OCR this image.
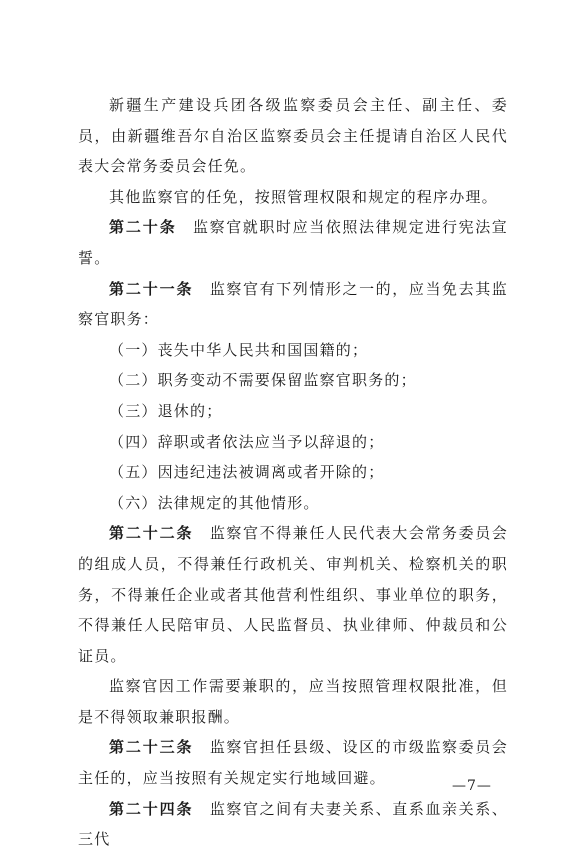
新疆生产建设兵团各级监察委员会主任、副主任、委员，由新疆维吾尔自治区监察委员会主任提请自治区人民代表大会常务委员会任免。

其他监察官的任免，按照管理权限和规定的程序办理。

第二十条 监察官就职时应当依照法律规定进行宪法宣誓。

第二十一条 监察官有下列情形之一的，应当免去其监察官职务：

（一）丧失中华人民共和国国籍的；

（二）职务变动不需要保留监察官职务的；

（三）退休的；

（四）辞职或者依法应当予以辞退的；

（五）因违纪违法被调离或者开除的；

（六）法律规定的其他情形。

第二十二条 监察官不得兼任人民代表大会常务委员会的组成人员，不得兼任行政机关、审判机关、检察机关的职务，不得兼任企业或者其他营利性组织、事业单位的职务，不得兼任人民陪审员、人民监督员、执业律师、仲裁员和公证员。

监察官因工作需要兼职的，应当按照管理权限批准，但是不得领取兼职报酬。

第二十三条 监察官担任县级、设区的市级监察委员会主任的，应当按照有关规定实行地域回避。

第二十四条 监察官之间有夫妻关系、直系血亲关系、三代

—7—
